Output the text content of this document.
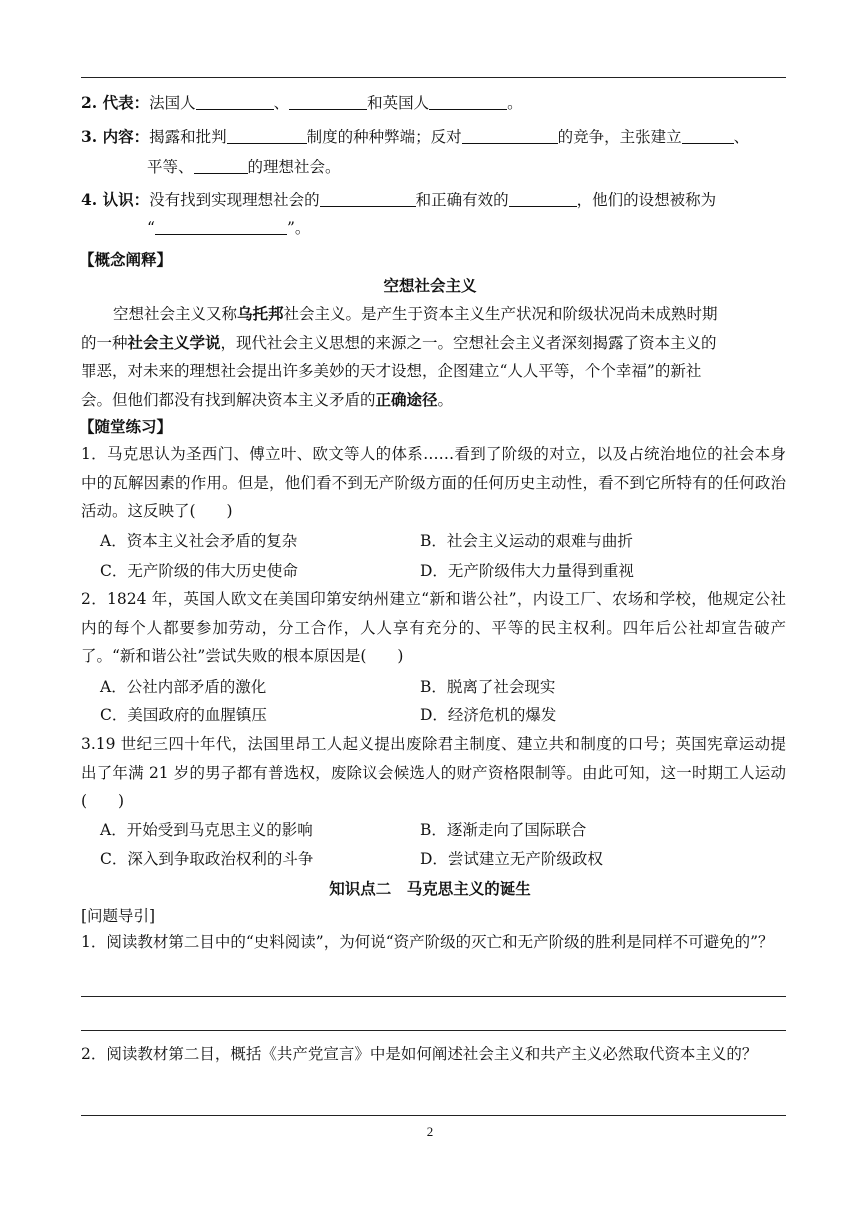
2. 代表：法国人	、	和英国人	。
3. 内容：揭露和批判	制度的种种弊端；反对	的竞争，主张建立	、
平等、	的理想社会。
4. 认识：没有找到实现理想社会的	和正确有效的	，他们的设想被称为
“	”。
【概念阐释】
空想社会主义
空想社会主义又称乌托邦社会主义。是产生于资本主义生产状况和阶级状况尚未成熟时期
的一种社会主义学说，现代社会主义思想的来源之一。空想社会主义者深刻揭露了资本主义的
罪恶，对未来的理想社会提出许多美妙的天才设想，企图建立“人人平等，个个幸福”的新社
会。但他们都没有找到解决资本主义矛盾的正确途径。
【随堂练习】
1．马克思认为圣西门、傅立叶、欧文等人的体系……看到了阶级的对立，以及占统治地位的社会本身中的瓦解因素的作用。但是，他们看不到无产阶级方面的任何历史主动性，看不到它所特有的任何政治活动。这反映了(　　)
A．资本主义社会矛盾的复杂	B．社会主义运动的艰难与曲折
C．无产阶级的伟大历史使命	D．无产阶级伟大力量得到重视
2．1824 年，英国人欧文在美国印第安纳州建立“新和谐公社”，内设工厂、农场和学校，他规定公社内的每个人都要参加劳动，分工合作，人人享有充分的、平等的民主权利。四年后公社却宣告破产了。“新和谐公社”尝试失败的根本原因是(　　)
A．公社内部矛盾的激化	B．脱离了社会现实
C．美国政府的血腥镇压	D．经济危机的爆发
3.19 世纪三四十年代，法国里昂工人起义提出废除君主制度、建立共和制度的口号；英国宪章运动提出了年满 21 岁的男子都有普选权，废除议会候选人的财产资格限制等。由此可知，这一时期工人运动(　　)
A．开始受到马克思主义的影响	B．逐渐走向了国际联合
C．深入到争取政治权利的斗争	D．尝试建立无产阶级政权
知识点二　马克思主义的诞生
[问题导引]
1．阅读教材第二目中的“史料阅读”，为何说“资产阶级的灭亡和无产阶级的胜利是同样不可避免的”？
2．阅读教材第二目，概括《共产党宣言》中是如何阐述社会主义和共产主义必然取代资本主义的？
2
